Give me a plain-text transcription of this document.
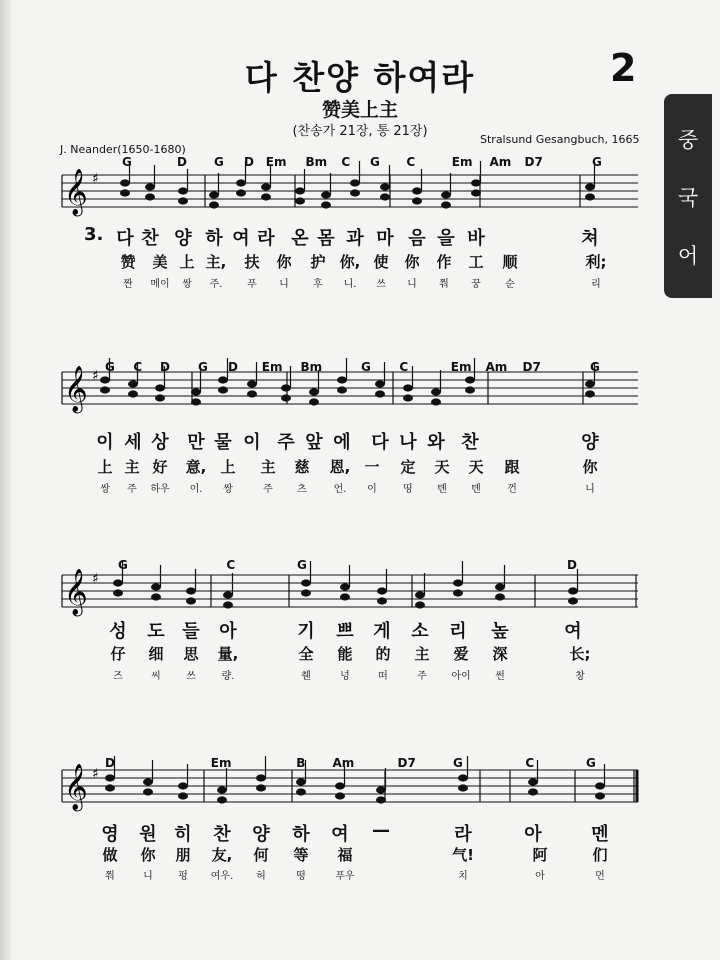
다 찬양 하여라	2
赞美上主
(찬송가 21장, 통 21장)
J. Neander(1650-1680)
Stralsund Gesangbuch, 1665	중
국
어
𝄞 ♯
𝄞 ♯
𝄞 ♯
𝄞 ♯
G	D G D Em Bm C G C	Em Am D7	G
다 찬 양 하 여 라 온 몸 과 마 음 을 바	쳐
赞 美 上 主, 扶 你 护 你, 使 你 作 工 顺	利;
짠 메이 쌍 주. 푸 니 후 니. 쓰 니 쭤 꿍 순	리
3.
G C D G D Em Bm	G C	Em Am D7	G
이 세 상 만 물 이 주 앞 에 다 나 와 찬	양
上 主 好 意, 上 主 慈 恩, 一 定 天 天 跟	你
쌍 주 하우 이. 쌍	주 츠	언. 이	띵 톈 톈	껀	니
G	C	G	D
성 도 들 아	기 쁘 게 소 리 높	여
仔 细 思 量,	全 能 的 主 爱 深	长;
즈	씨	쓰	량.	췐	넝	떠	주 아이 썬	창
D	Em	B Am	D7	G	C	G
영 원 히 찬 양 하 여 —	라	아	멘
做 你 朋 友, 何 等 福	气!	阿	们
쭤	니	펑 여우. 허	떵	푸우	치	아	먼
